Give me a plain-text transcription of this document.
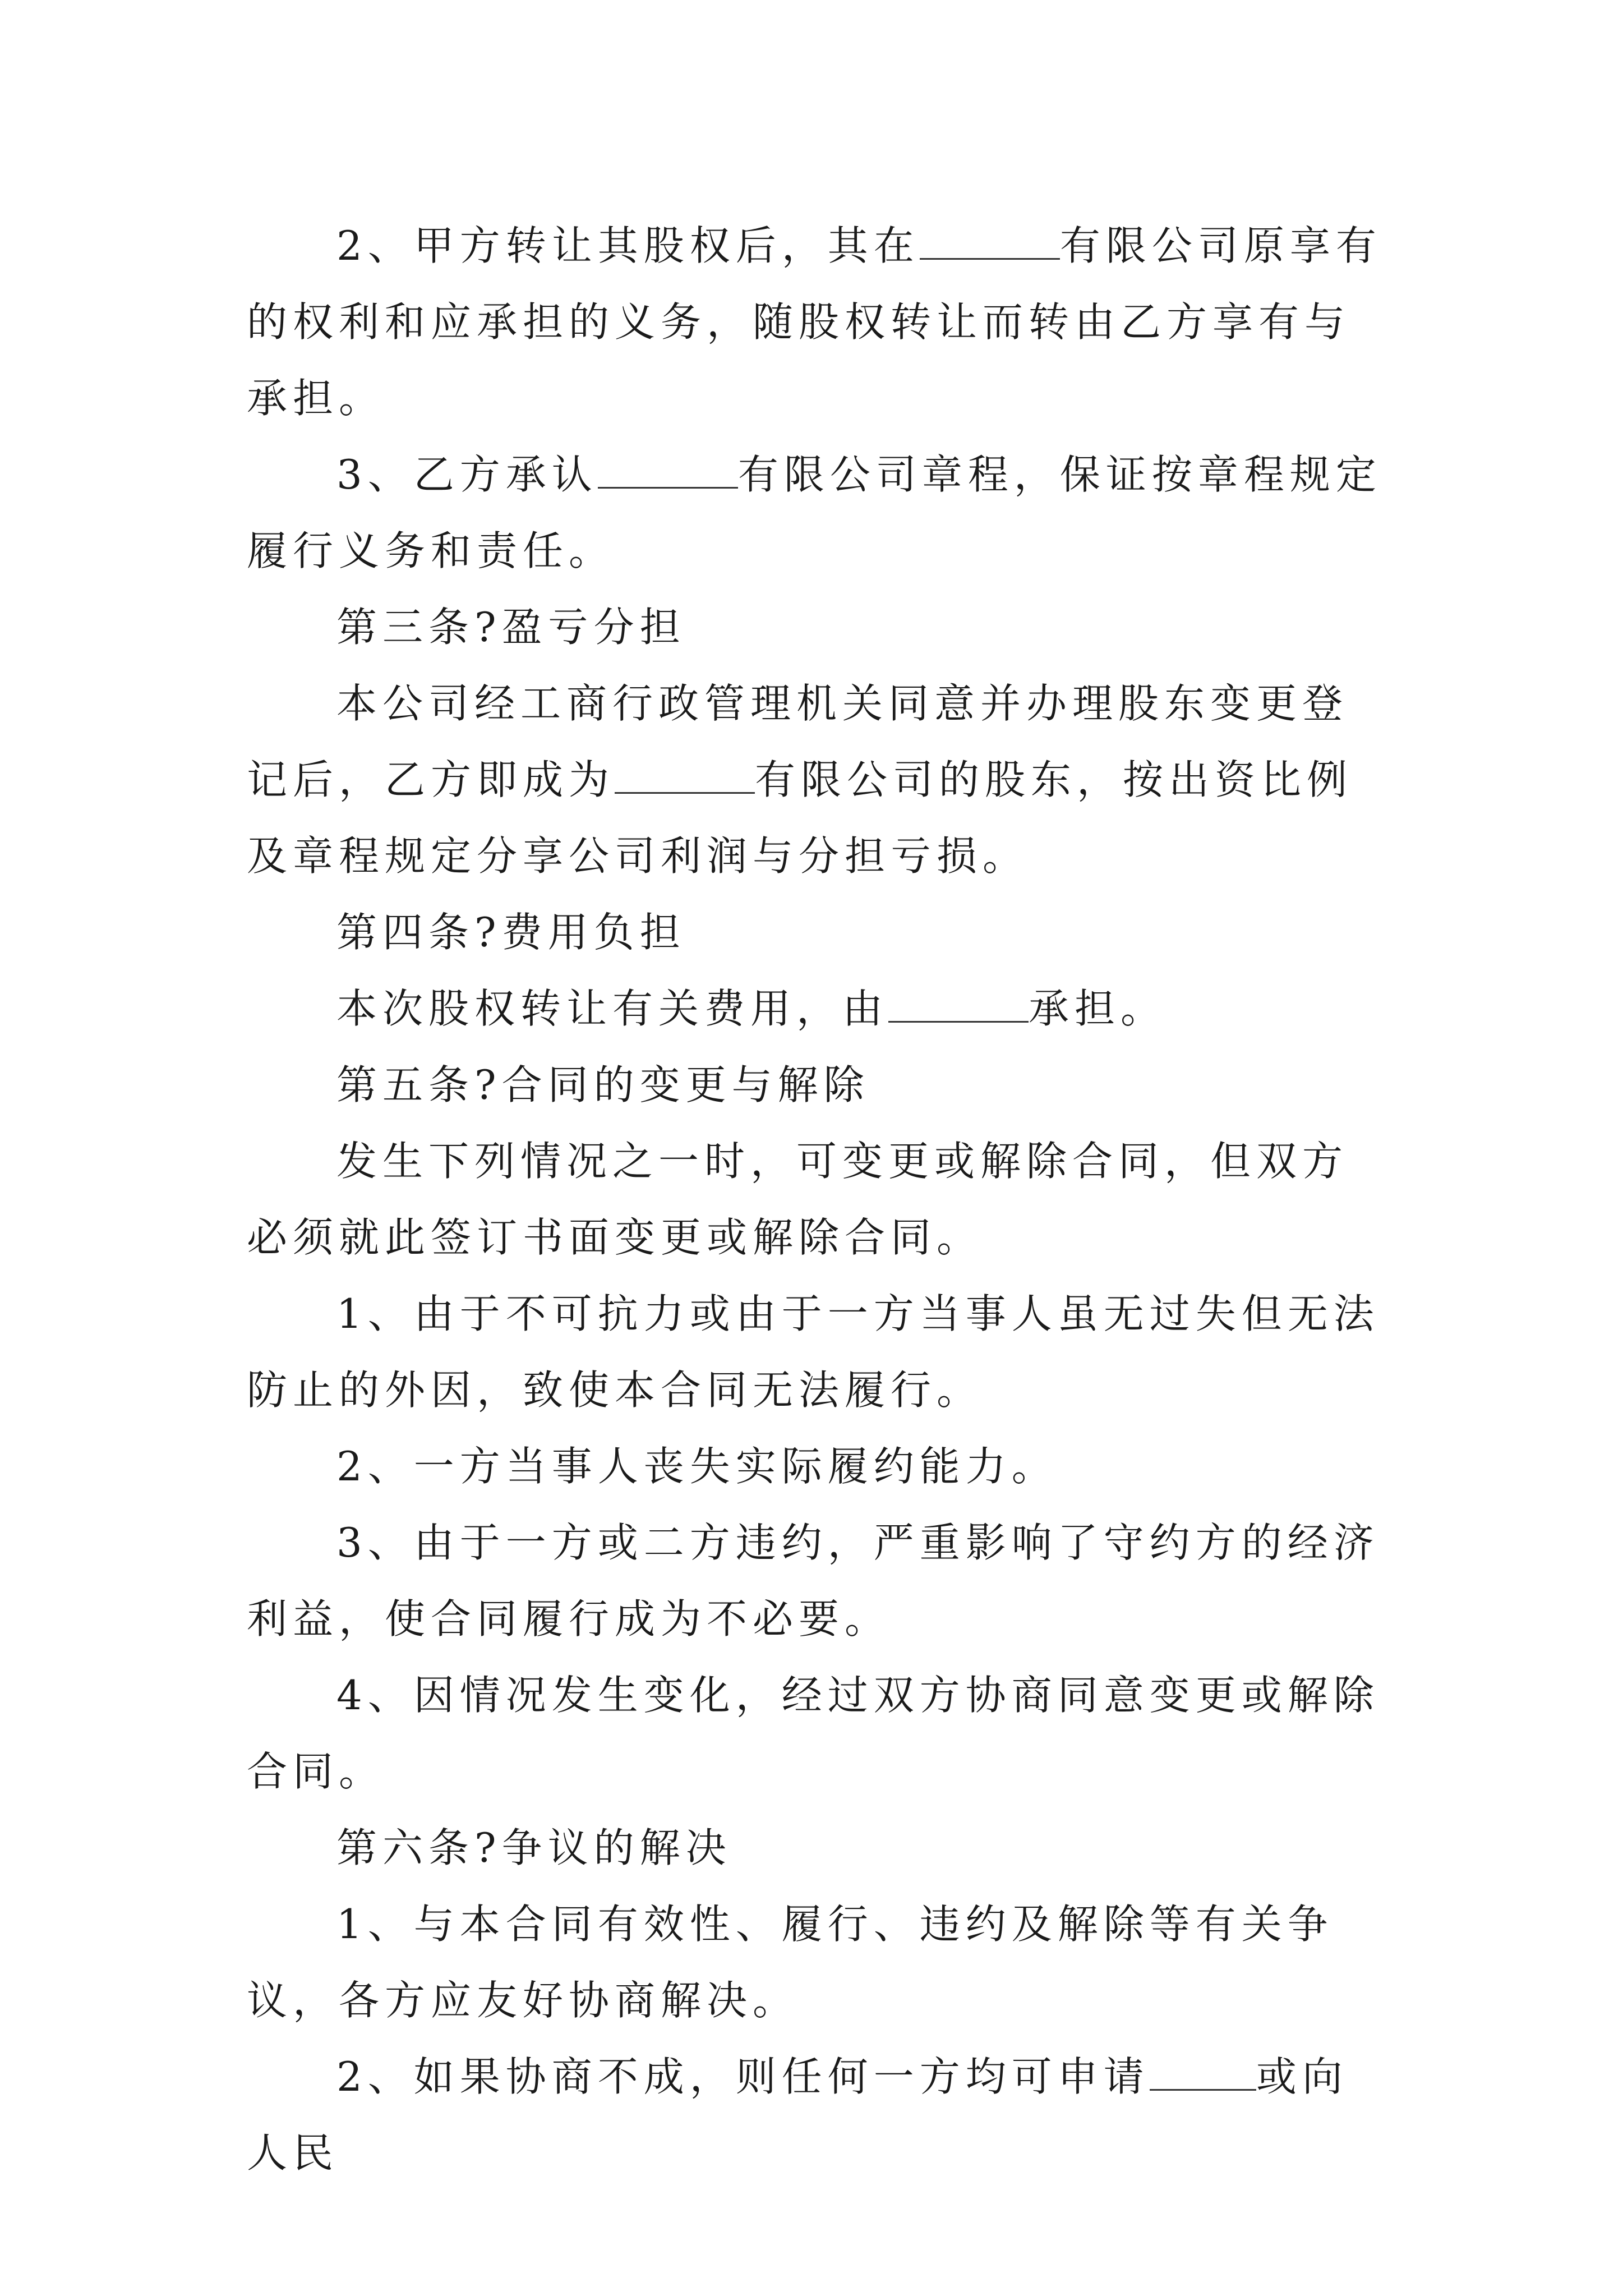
2、甲方转让其股权后，其在	有限公司原享有的权利和应承担的义务，随股权转让而转由乙方享有与承担。

3、乙方承认	有限公司章程，保证按章程规定履行义务和责任。

第三条?盈亏分担

本公司经工商行政管理机关同意并办理股东变更登记后，乙方即成为	有限公司的股东，按出资比例及章程规定分享公司利润与分担亏损。

第四条?费用负担

本次股权转让有关费用，由	承担。

第五条?合同的变更与解除

发生下列情况之一时，可变更或解除合同，但双方必须就此签订书面变更或解除合同。

1、由于不可抗力或由于一方当事人虽无过失但无法防止的外因，致使本合同无法履行。

2、一方当事人丧失实际履约能力。

3、由于一方或二方违约，严重影响了守约方的经济利益，使合同履行成为不必要。

4、因情况发生变化，经过双方协商同意变更或解除合同。

第六条?争议的解决

1、与本合同有效性、履行、违约及解除等有关争议，各方应友好协商解决。

2、如果协商不成，则任何一方均可申请	或向人民
